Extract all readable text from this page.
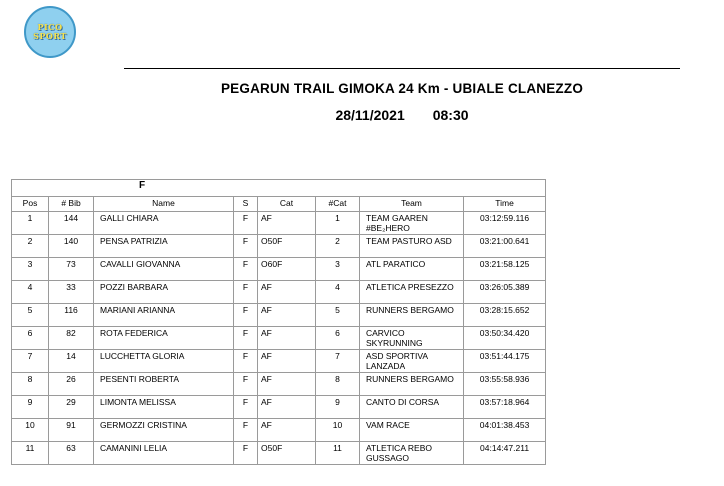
PICO
SPORT
PEGARUN TRAIL GIMOKA 24 Km - UBIALE CLANEZZO
28/11/2021 08:30
F							
Pos	# Bib	Name	S	Cat	#Cat	Team	Time
1	144	GALLI CHIARA	F	AF	1	TEAM GAAREN #BE₂HERO	03:12:59.116
2	140	PENSA PATRIZIA	F	O50F	2	TEAM PASTURO ASD	03:21:00.641
3	73	CAVALLI GIOVANNA	F	O60F	3	ATL PARATICO	03:21:58.125
4	33	POZZI BARBARA	F	AF	4	ATLETICA PRESEZZO	03:26:05.389
5	116	MARIANI ARIANNA	F	AF	5	RUNNERS BERGAMO	03:28:15.652
6	82	ROTA FEDERICA	F	AF	6	CARVICO SKYRUNNING	03:50:34.420
7	14	LUCCHETTA GLORIA	F	AF	7	ASD SPORTIVA LANZADA	03:51:44.175
8	26	PESENTI ROBERTA	F	AF	8	RUNNERS BERGAMO	03:55:58.936
9	29	LIMONTA MELISSA	F	AF	9	CANTO DI CORSA	03:57:18.964
10	91	GERMOZZI CRISTINA	F	AF	10	VAM RACE	04:01:38.453
11	63	CAMANINI LELIA	F	O50F	11	ATLETICA REBO GUSSAGO	04:14:47.211
